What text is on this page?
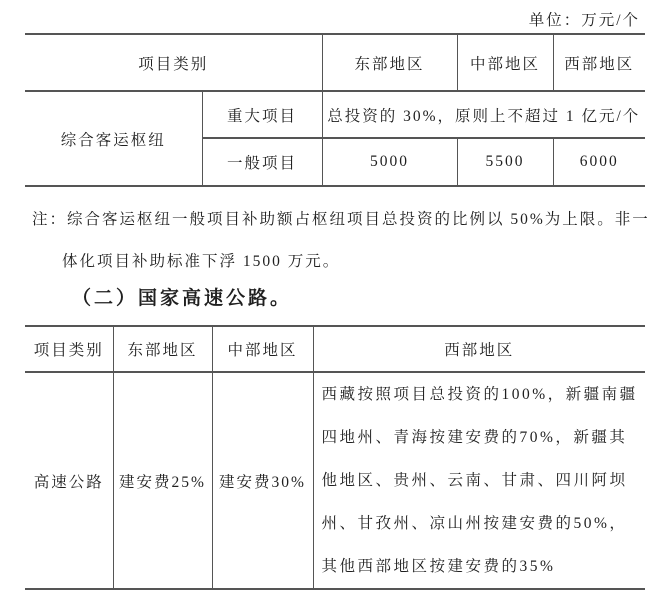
单位：万元/个
项目类别		东部地区	中部地区	西部地区
综合客运枢纽	重大项目	总投资的 30%，原则上不超过 1 亿元/个		
	一般项目	5000	5500	6000
注：综合客运枢纽一般项目补助额占枢纽项目总投资的比例以 50%为上限。非一
体化项目补助标准下浮 1500 万元。
（二）国家高速公路。
项目类别	东部地区	中部地区	西部地区
高速公路	建安费25%	建安费30%	西藏按照项目总投资的100%，新疆南疆
四地州、青海按建安费的70%，新疆其
他地区、贵州、云南、甘肃、四川阿坝
州、甘孜州、凉山州按建安费的50%，
其他西部地区按建安费的35%
